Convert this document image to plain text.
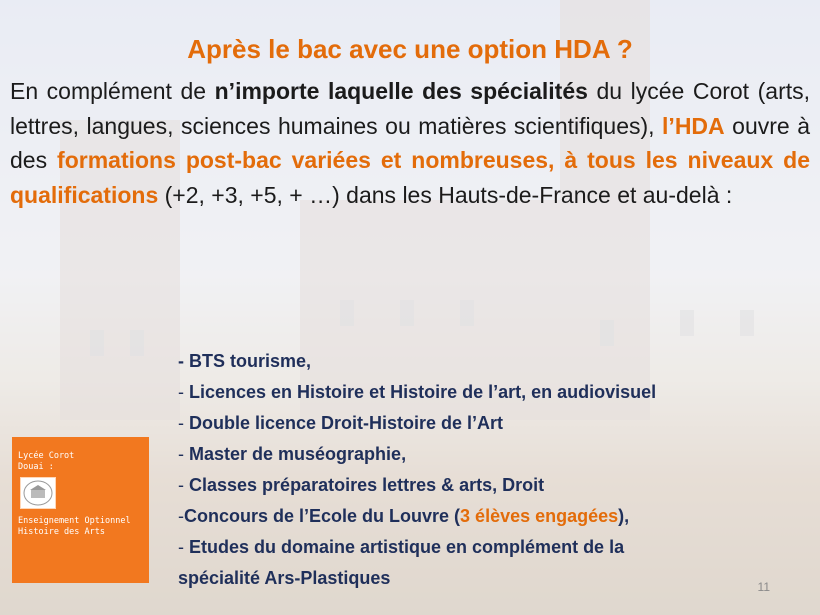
Après le bac avec une option HDA ?
En complément de n’importe laquelle des spécialités du lycée Corot (arts, lettres, langues, sciences humaines ou matières scientifiques), l’HDA ouvre à des formations post-bac variées et nombreuses, à tous les niveaux de qualifications (+2, +3, +5, + …) dans les Hauts-de-France et au-delà :
- BTS tourisme,
- Licences en Histoire et Histoire de l’art, en audiovisuel
- Double licence Droit-Histoire de l’Art
- Master de muséographie,
- Classes préparatoires lettres & arts, Droit
-Concours de l’Ecole du Louvre (3 élèves engagées),
- Etudes du domaine artistique en complément de la
spécialité Ars-Plastiques
Lycée Corot
Douai :
Enseignement Optionnel Histoire des Arts
11
